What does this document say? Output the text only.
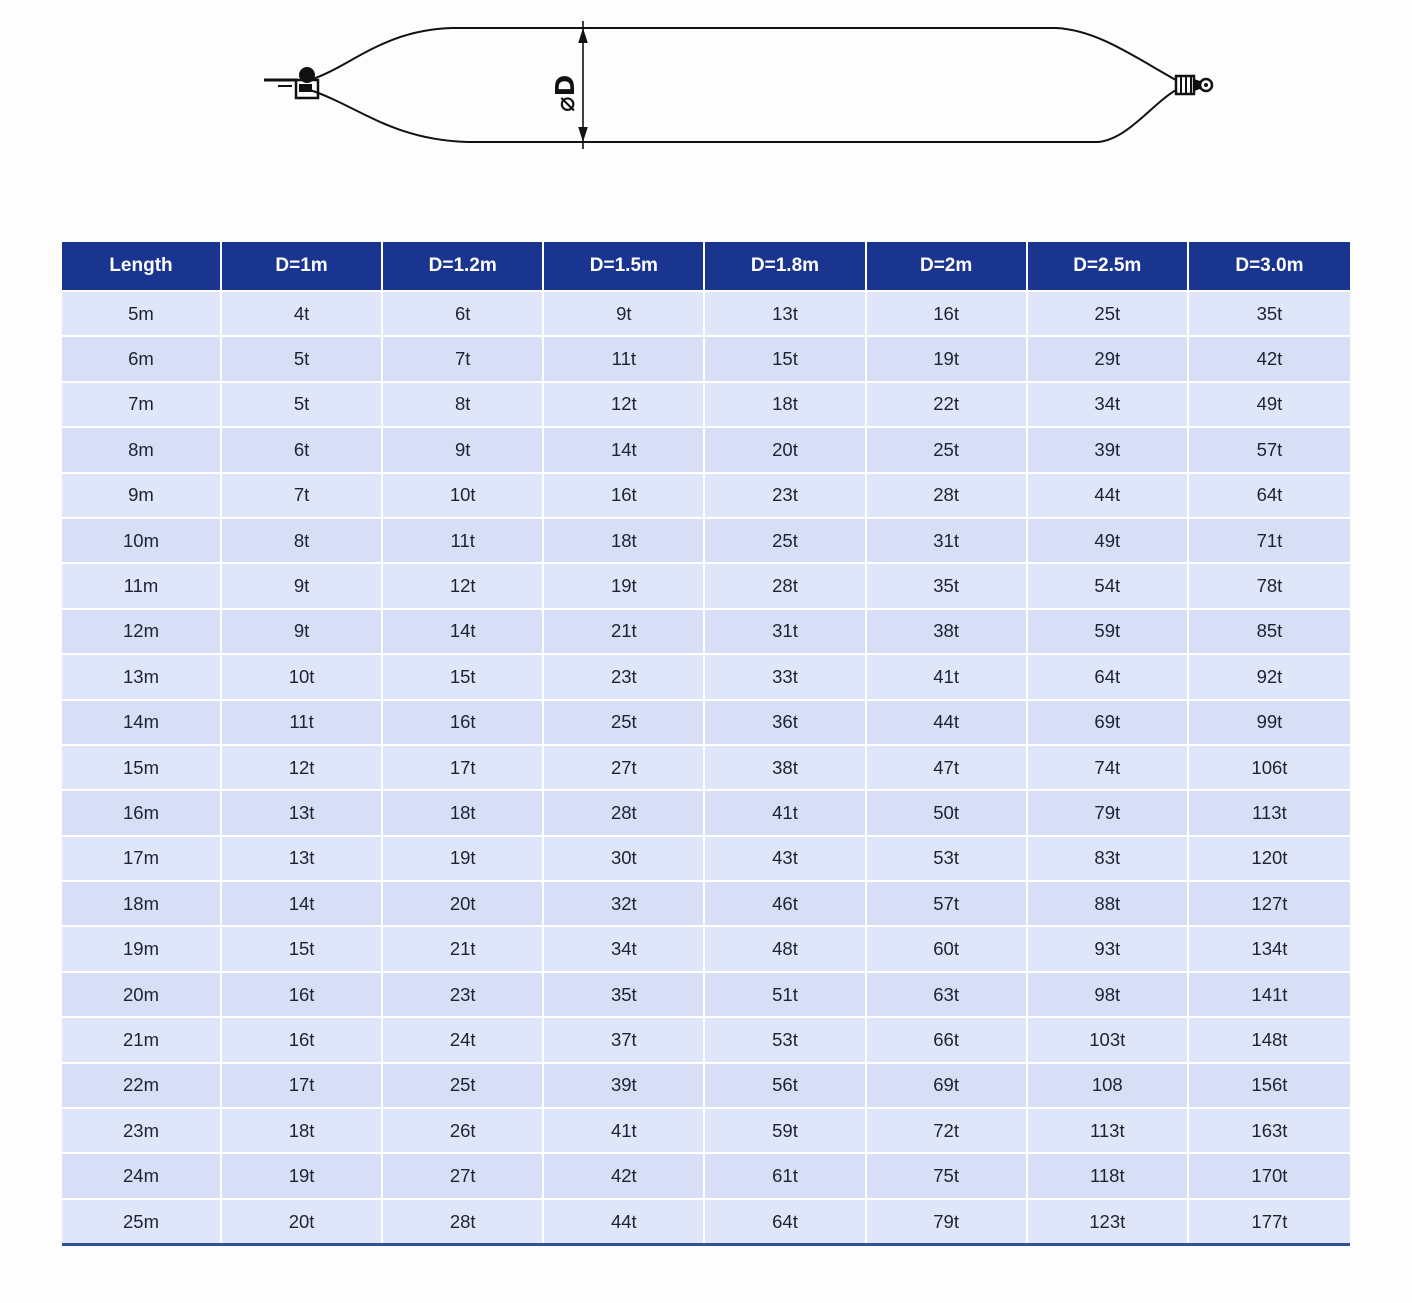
⌀D
Length	D=1m	D=1.2m	D=1.5m	D=1.8m	D=2m	D=2.5m	D=3.0m
5m	4t	6t	9t	13t	16t	25t	35t
6m	5t	7t	11t	15t	19t	29t	42t
7m	5t	8t	12t	18t	22t	34t	49t
8m	6t	9t	14t	20t	25t	39t	57t
9m	7t	10t	16t	23t	28t	44t	64t
10m	8t	11t	18t	25t	31t	49t	71t
11m	9t	12t	19t	28t	35t	54t	78t
12m	9t	14t	21t	31t	38t	59t	85t
13m	10t	15t	23t	33t	41t	64t	92t
14m	11t	16t	25t	36t	44t	69t	99t
15m	12t	17t	27t	38t	47t	74t	106t
16m	13t	18t	28t	41t	50t	79t	113t
17m	13t	19t	30t	43t	53t	83t	120t
18m	14t	20t	32t	46t	57t	88t	127t
19m	15t	21t	34t	48t	60t	93t	134t
20m	16t	23t	35t	51t	63t	98t	141t
21m	16t	24t	37t	53t	66t	103t	148t
22m	17t	25t	39t	56t	69t	108	156t
23m	18t	26t	41t	59t	72t	113t	163t
24m	19t	27t	42t	61t	75t	118t	170t
25m	20t	28t	44t	64t	79t	123t	177t
